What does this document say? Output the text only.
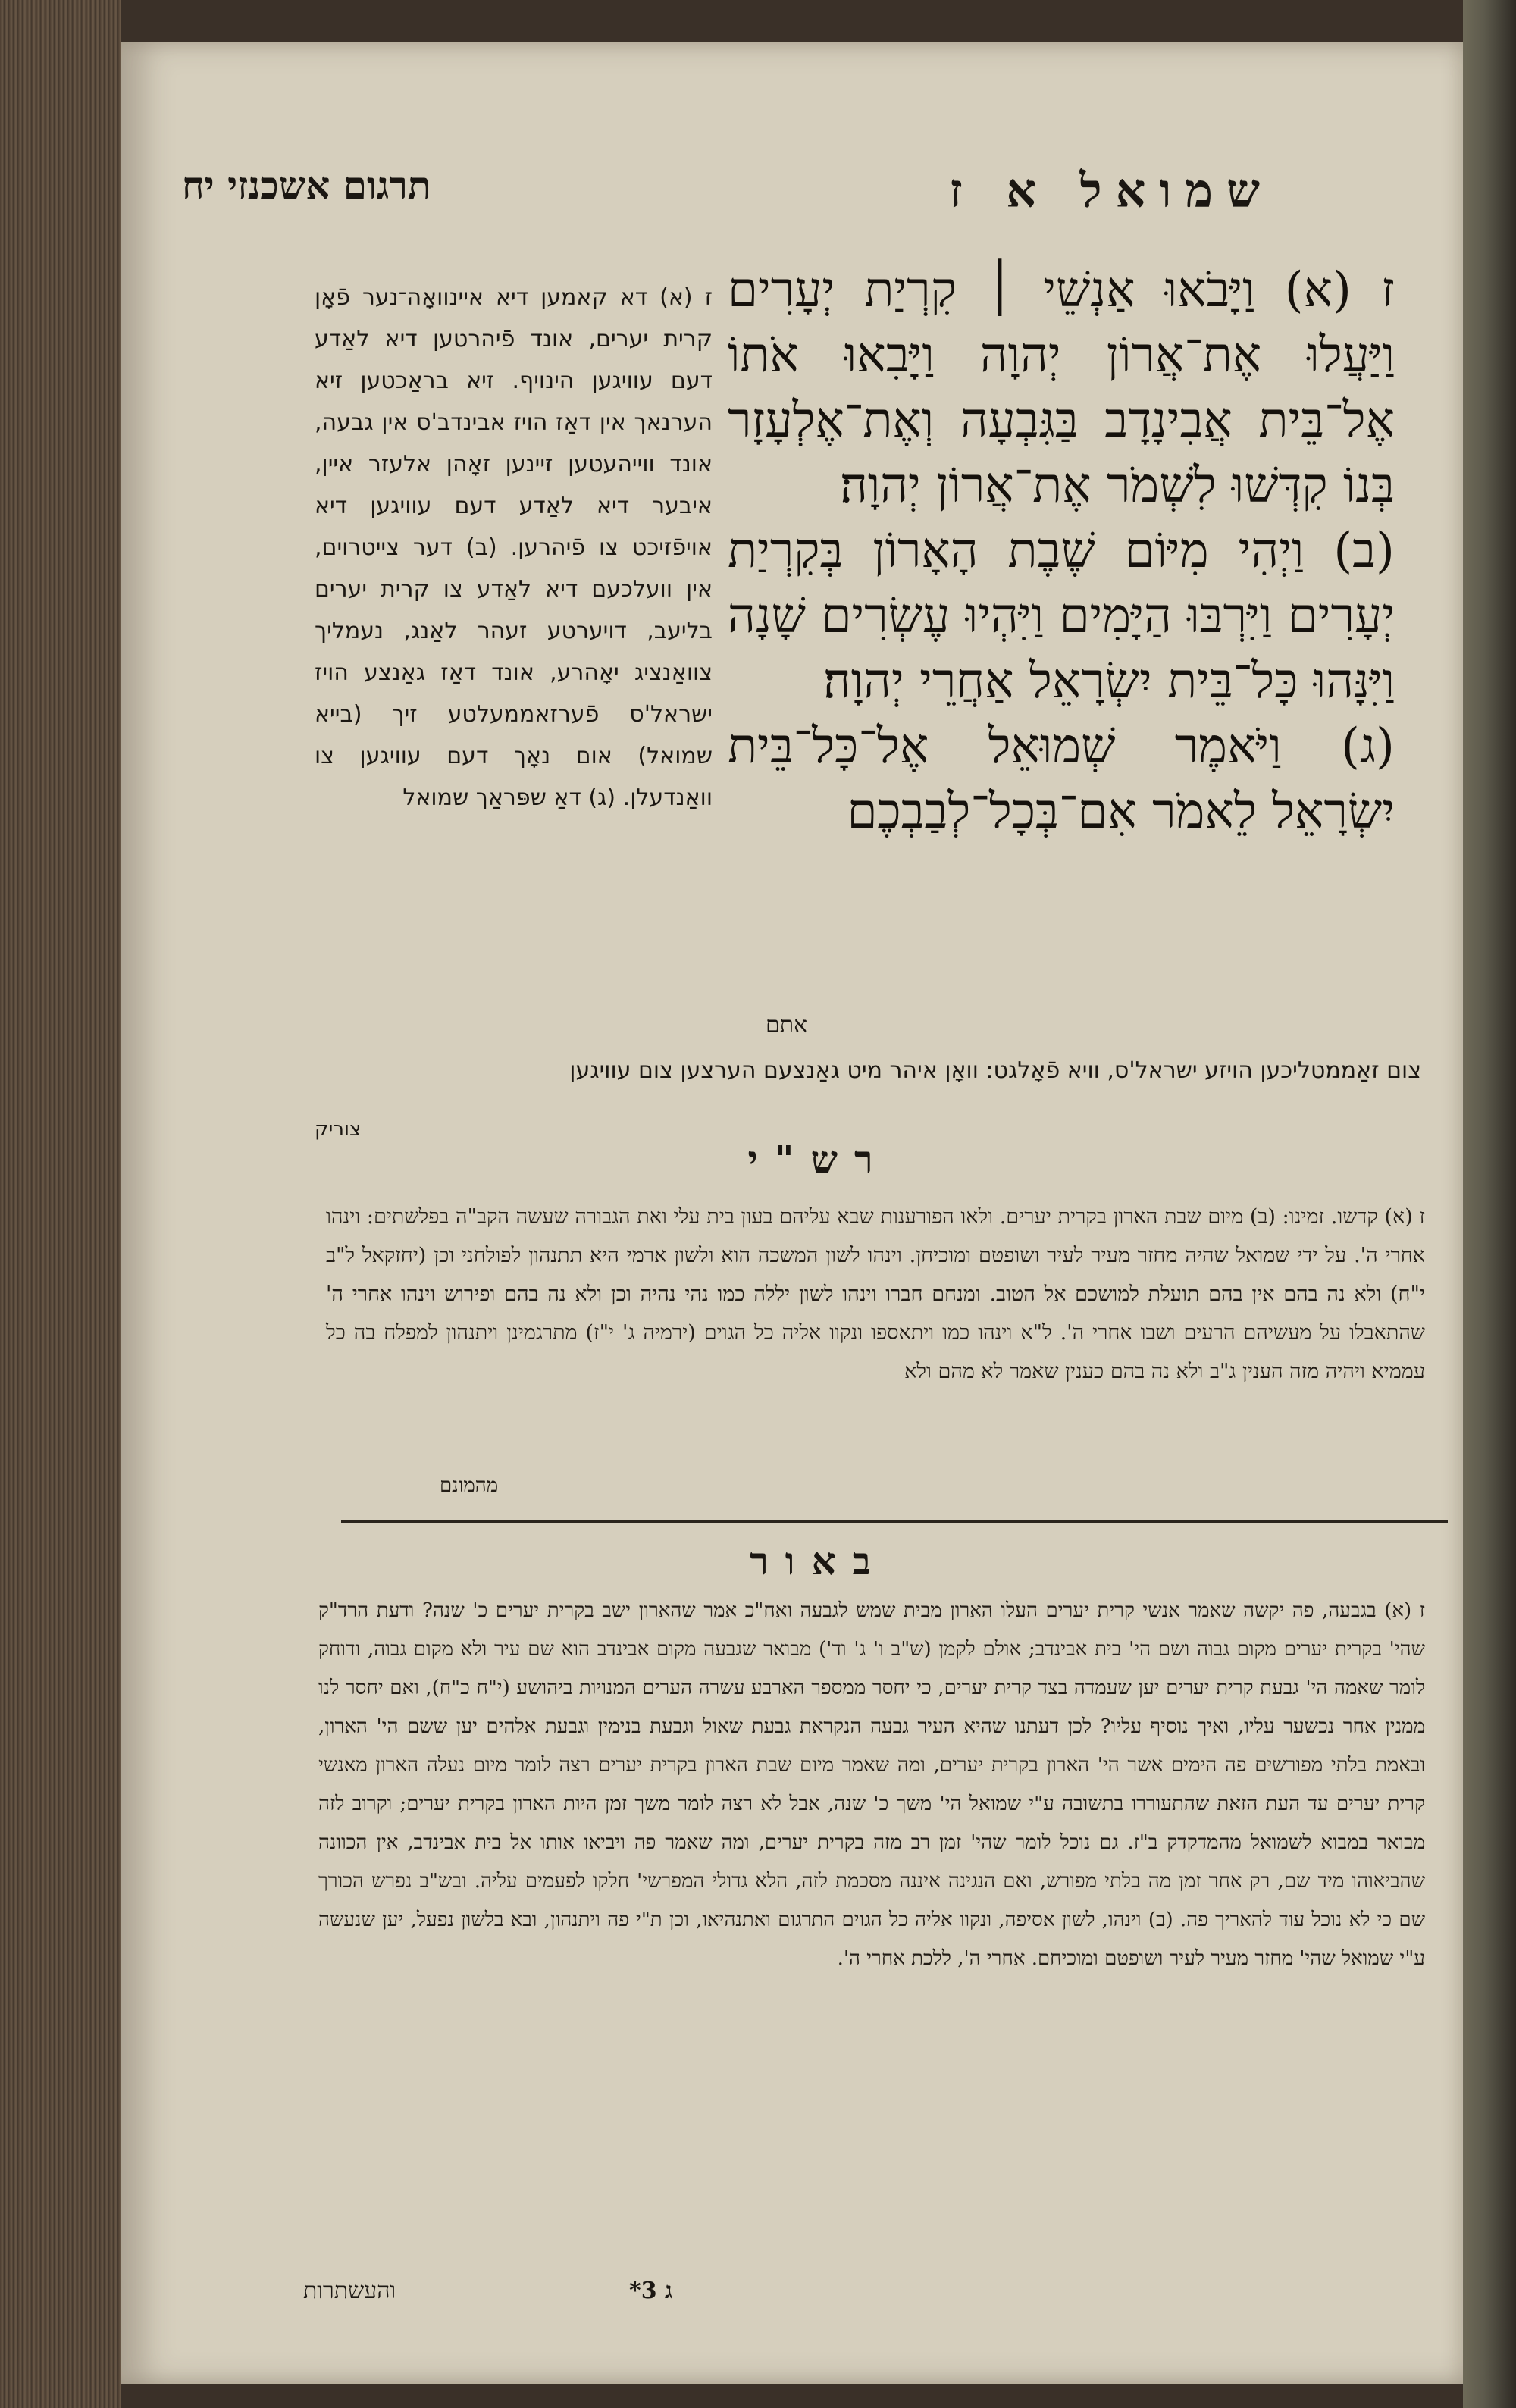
שמואל א ז
תרגום אשכנזי יח

ז (א) וַיָּבֹאוּ אַנְשֵׁי ׀ קִרְיַת יְעָרִים וַיַּעֲלוּ אֶת־אֲרוֹן יְהוָה וַיָּבִאוּ אֹתוֹ אֶל־בֵּית אֲבִינָדָב בַּגִּבְעָה וְאֶת־אֶלְעָזָר בְּנוֹ קִדְּשׁוּ לִשְׁמֹר אֶת־אֲרוֹן יְהוָה׃

(ב) וַיְהִי מִיּוֹם שֶׁבֶת הָאָרוֹן בְּקִרְיַת יְעָרִים וַיִּרְבּוּ הַיָּמִים וַיִּהְיוּ עֶשְׂרִים שָׁנָה וַיִּנָּהוּ כָּל־בֵּית יִשְׂרָאֵל אַחֲרֵי יְהוָה׃

(ג) וַיֹּאמֶר שְׁמוּאֵל אֶל־כָּל־בֵּית יִשְׂרָאֵל לֵאמֹר אִם־בְּכָל־לְבַבְכֶם

אתם

ז (א) דא קאמען דיא איינוואָה־נער פֿאָן קרית יערים, אונד פֿיהרטען דיא לאַדע דעם עוויגען הינויף. זיא בראַכטען זיא הערנאך אין דאַז הויז אבינדב'ס אין גבעה, אונד ווייהעטען זיינען זאָהן אלעזר איין, איבער דיא לאַדע דעם עוויגען דיא אויפֿזיכט צו פֿיהרען. (ב) דער צייטרוים, אין וועלכעם דיא לאַדע צו קרית יערים בליעב, דויערטע זעהר לאַנג, נעמליך צוואַנציג יאָהרע, אונד דאַז גאַנצע הויז ישראל'ס פֿערזאממעלטע זיך (בייא שמואל) אום נאָך דעם עוויגען צו וואַנדעלן. (ג) דאַ שפּראַך שמואל

צום זאַממטליכען הויזע ישראל'ס, וויא פֿאָלגט: וואָן איהר מיט גאַנצעם הערצען צום עוויגען
צוריק
רש"י
ז (א) קדשו. זמינו: (ב) מיום שבת הארון בקרית יערים. ולאו הפורענות שבא עליהם בעון בית עלי ואת הגבורה שעשה הקב"ה בפלשתים: וינהו אחרי ה'. על ידי שמואל שהיה מחזר מעיר לעיר ושופטם ומוכיחן. וינהו לשון המשכה הוא ולשון ארמי היא תתנהון לפולחני וכן (יחזקאל ל"ב י"ח) ולא נה בהם אין בהם תועלת למושכם אל הטוב. ומנחם חברו וינהו לשון יללה כמו נהי נהיה וכן ולא נה בהם ופירוש וינהו אחרי ה' שהתאבלו על מעשיהם הרעים ושבו אחרי ה'. ל"א וינהו כמו ויתאספו ונקוו אליה כל הגוים (ירמיה ג' י"ז) מתרגמינן ויתנהון למפלח בה כל עממיא ויהיה מזה הענין ג"ב ולא נה בהם כענין שאמר לא מהם ולא
מהמונם
באור
ז (א) בגבעה, פה יקשה שאמר אנשי קרית יערים העלו הארון מבית שמש לגבעה ואח"כ אמר שהארון ישב בקרית יערים כ' שנה? ודעת הרד"ק שהי' בקרית יערים מקום גבוה ושם הי' בית אבינדב; אולם לקמן (ש"ב ו' ג' וד') מבואר שגבעה מקום אבינדב הוא שם עיר ולא מקום גבוה, ודוחק לומר שאמה הי' גבעת קרית יערים יען שעמדה בצד קרית יערים, כי יחסר ממספר הארבע עשרה הערים המנויות ביהושע (י"ח כ"ח), ואם יחסר לנו ממנין אחר נכשער עליו, ואיך נוסיף עליו? לכן דעתנו שהיא העיר גבעה הנקראת גבעת שאול וגבעת בנימין וגבעת אלהים יען ששם הי' הארון, ובאמת בלתי מפורשים פה הימים אשר הי' הארון בקרית יערים, ומה שאמר מיום שבת הארון בקרית יערים רצה לומר מיום נעלה הארון מאנשי קרית יערים עד העת הזאת שהתעוררו בתשובה ע"י שמואל הי' משך כ' שנה, אבל לא רצה לומר משך זמן היות הארון בקרית יערים; וקרוב לזה מבואר במבוא לשמואל מהמדקדק ב"ז. גם נוכל לומר שהי' זמן רב מזה בקרית יערים, ומה שאמר פה ויביאו אותו אל בית אבינדב, אין הכוונה שהביאוהו מיד שם, רק אחר זמן מה בלתי מפורש, ואם הנגינה איננה מסכמת לזה, הלא גדולי המפרשי' חלקו לפעמים עליה. ובש"ב נפרש הכורך שם כי לא נוכל עוד להאריך פה. (ב) וינהו, לשון אסיפה, ונקוו אליה כל הגוים התרגום ואתנהיאו, וכן ת"י פה ויתנהון, ובא בלשון נפעל, יען שנעשה ע"י שמואל שהי' מחזר מעיר לעיר ושופטם ומוכיחם. אחרי ה', ללכת אחרי ה'.
ג 3*
והעשתרות
